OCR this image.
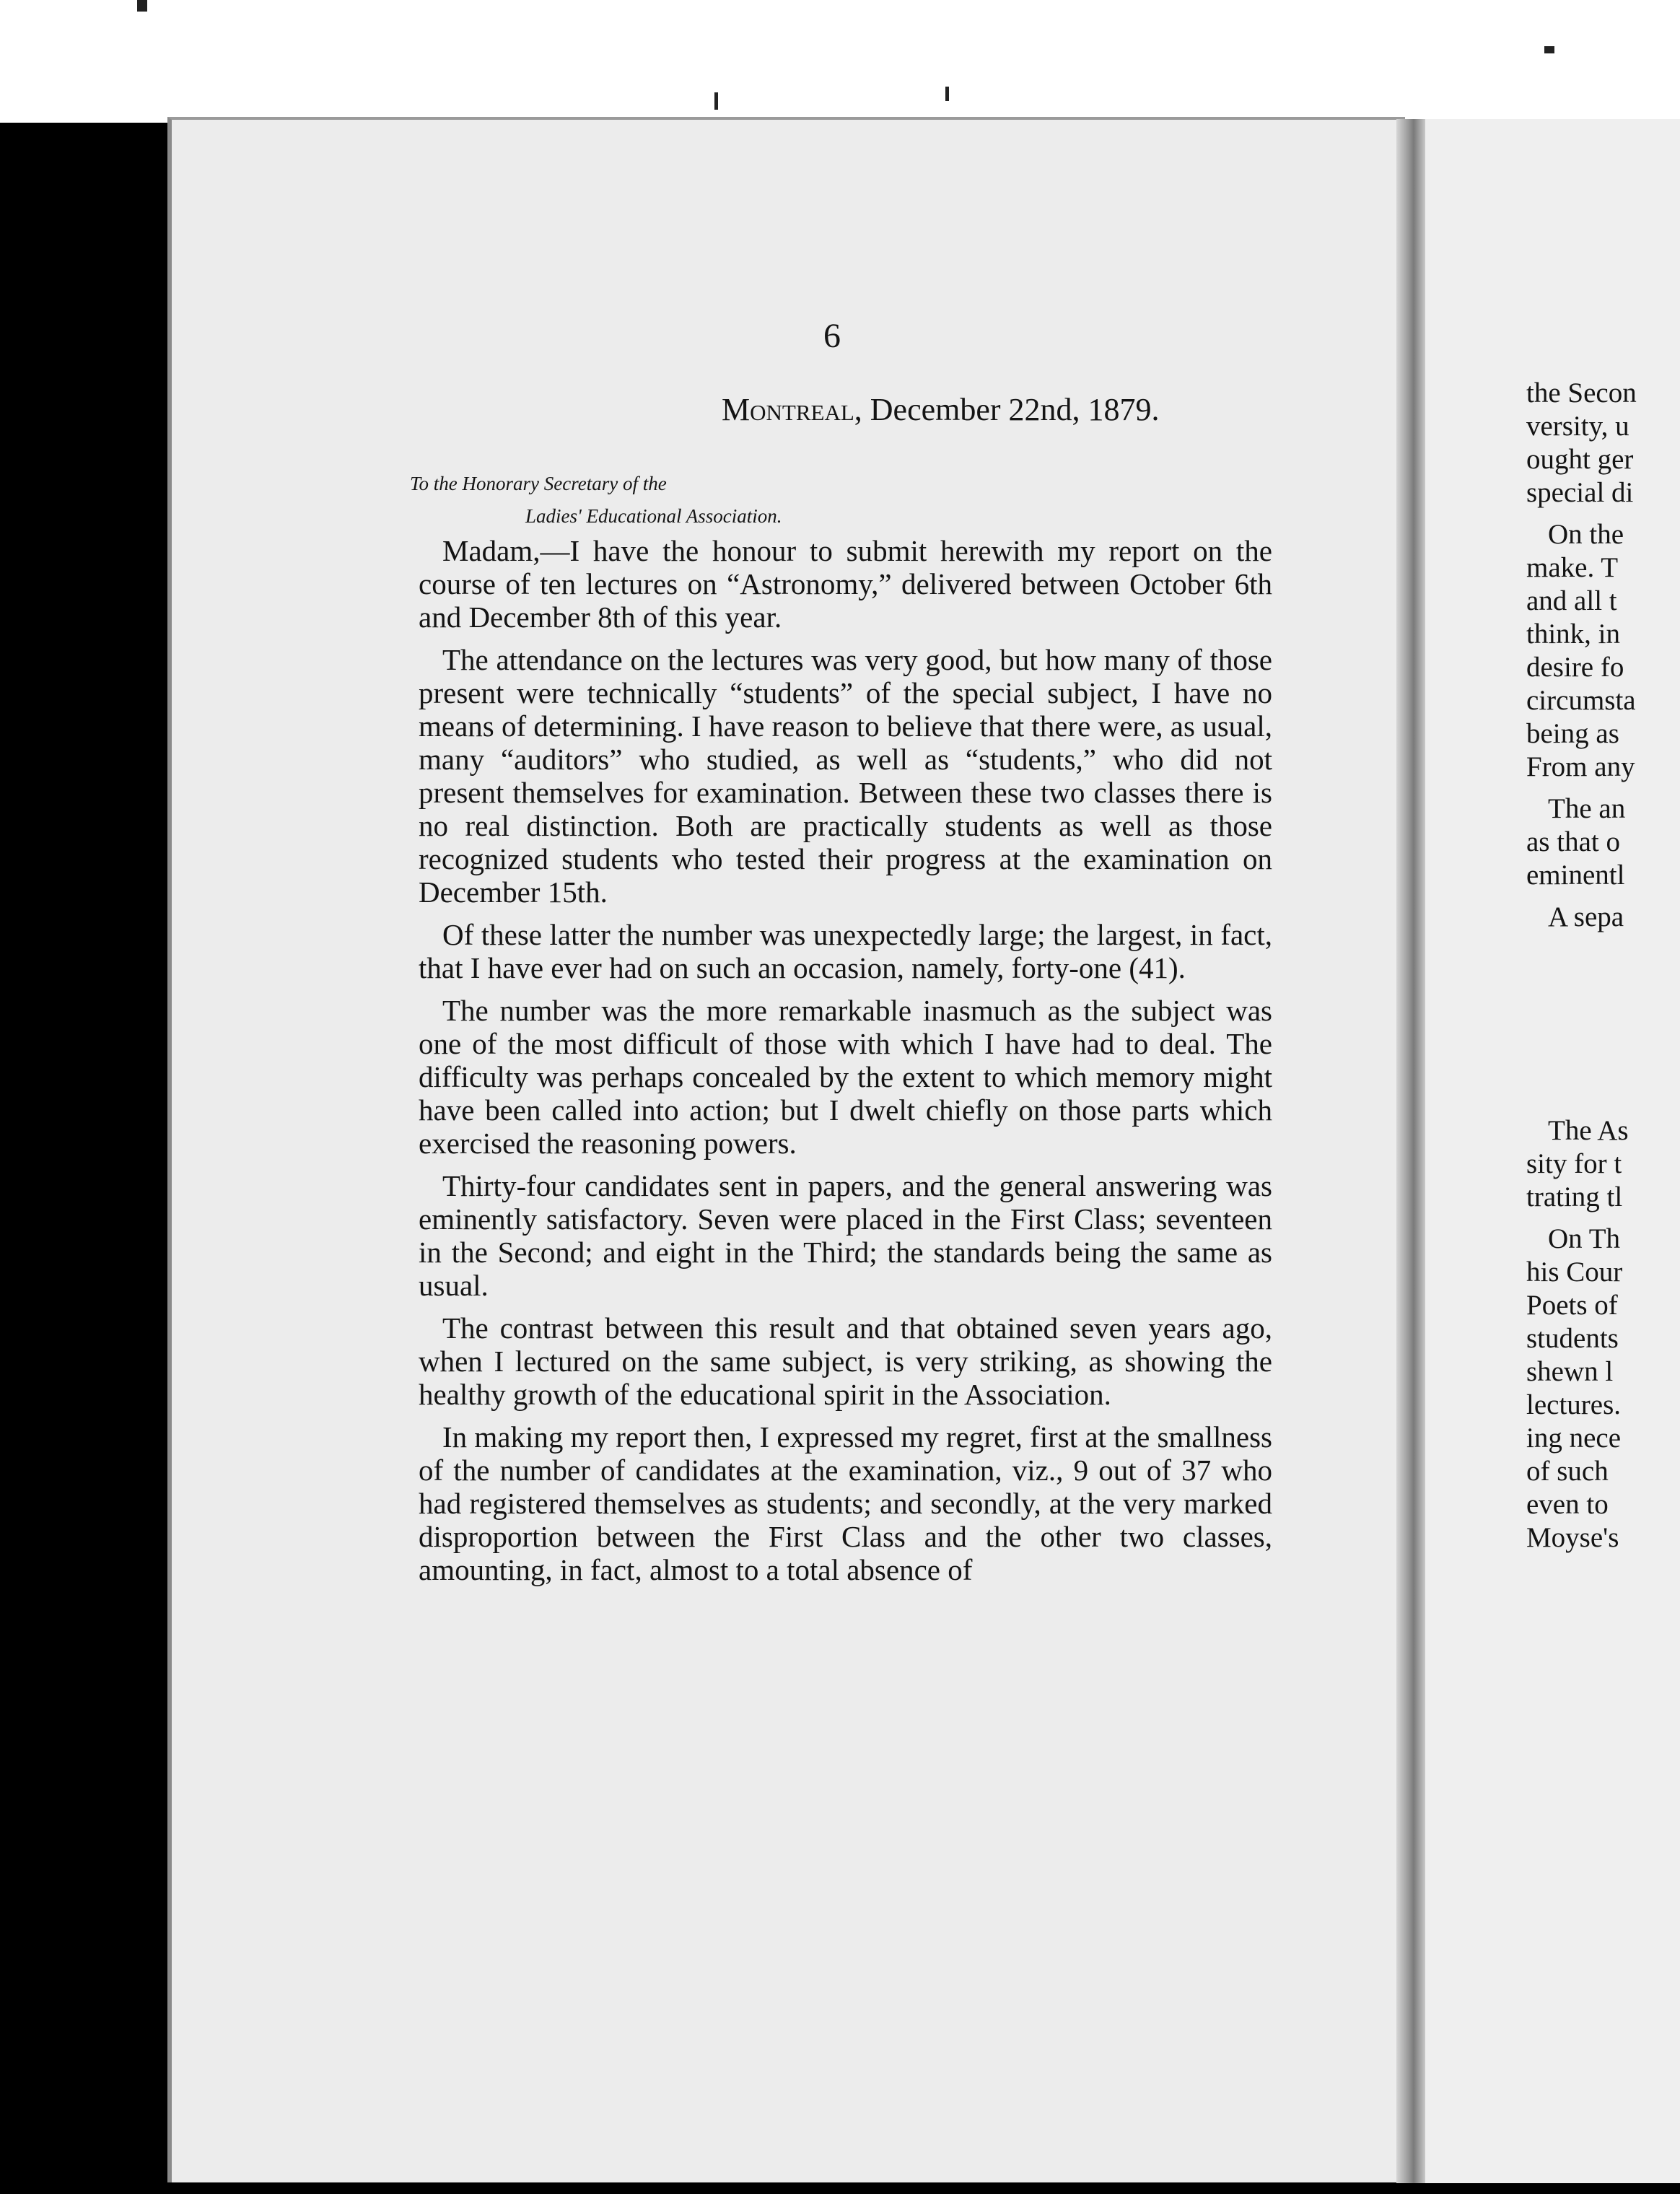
6
Montreal, December 22nd, 1879.
To the Honorary Secretary of the
Ladies' Educational Association.

Madam,—I have the honour to submit herewith my report on the course of ten lectures on “Astronomy,” delivered between October 6th and December 8th of this year.

The attendance on the lectures was very good, but how many of those present were technically “students” of the special subject, I have no means of determining. I have reason to believe that there were, as usual, many “auditors” who studied, as well as “students,” who did not present themselves for examination. Between these two classes there is no real distinction. Both are practically students as well as those recognized students who tested their progress at the examination on December 15th.

Of these latter the number was unexpectedly large; the largest, in fact, that I have ever had on such an occasion, namely, forty-one (41).

The number was the more remarkable inasmuch as the subject was one of the most difficult of those with which I have had to deal. The difficulty was perhaps concealed by the extent to which memory might have been called into action; but I dwelt chiefly on those parts which exercised the reasoning powers.

Thirty-four candidates sent in papers, and the general answering was eminently satisfactory. Seven were placed in the First Class; seventeen in the Second; and eight in the Third; the standards being the same as usual.

The contrast between this result and that obtained seven years ago, when I lectured on the same subject, is very striking, as showing the healthy growth of the educational spirit in the Association.

In making my report then, I expressed my regret, first at the smallness of the number of candidates at the examination, viz., 9 out of 37 who had registered themselves as students; and secondly, at the very marked disproportion between the First Class and the other two classes, amounting, in fact, almost to a total absence of

the Secon
versity, u
ought ger
special di
On the
make. T
and all t
think, in
desire fo
circumsta
being as
From any
The an
as that o
eminentl
A sepa
The As
sity for t
trating tl
On Th
his Cour
Poets of
students
shewn l
lectures.
ing nece
of such
even to
Moyse's
